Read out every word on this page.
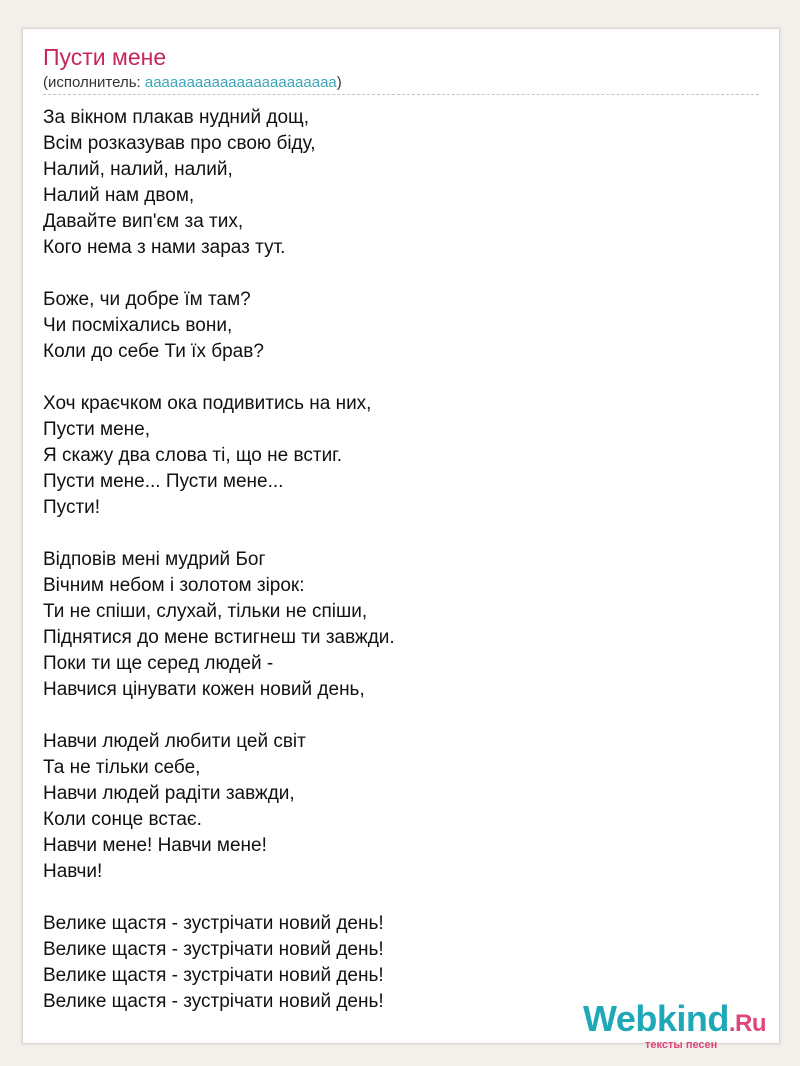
Пусти мене
(исполнитель: ааааааааааааааааааааааа)
За вікном плакав нудний дощ,
Всім розказував про свою біду,
Налий, налий, налий,
Налий нам двом,
Давайте вип'єм за тих,
Кого нема з нами зараз тут.
Боже, чи добре їм там?
Чи посміхались вони,
Коли до себе Ти їх брав?
Хоч краєчком ока подивитись на них,
Пусти мене,
Я скажу два слова ті, що не встиг.
Пусти мене... Пусти мене...
Пусти!
Відповів мені мудрий Бог
Вічним небом і золотом зірок:
Ти не спіши, слухай, тільки не спіши,
Піднятися до мене встигнеш ти завжди.
Поки ти ще серед людей -
Навчися цінувати кожен новий день,
Навчи людей любити цей світ
Та не тільки себе,
Навчи людей радіти завжди,
Коли сонце встає.
Навчи мене! Навчи мене!
Навчи!
Велике щастя - зустрічати новий день!
Велике щастя - зустрічати новий день!
Велике щастя - зустрічати новий день!
Велике щастя - зустрічати новий день!	Webkind.Ru
тексты песен
